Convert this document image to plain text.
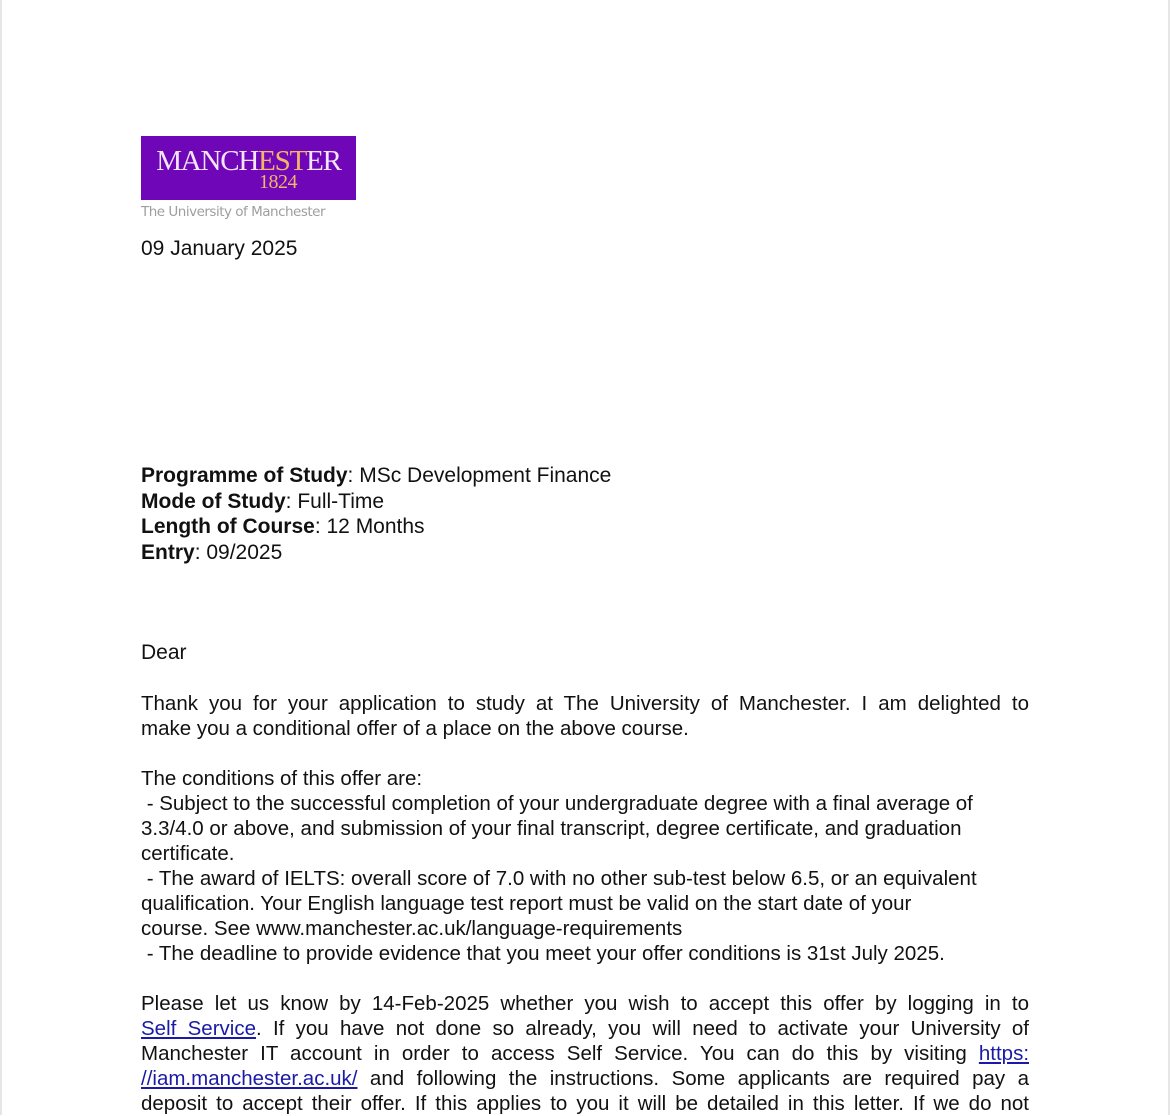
MANCHESTER
1824
The University of Manchester
09 January 2025
Programme of Study: MSc Development Finance
Mode of Study: Full-Time
Length of Course: 12 Months
Entry: 09/2025
Dear
Thank you for your application to study at The University of Manchester. I am delighted to
make you a conditional offer of a place on the above course.
The conditions of this offer are:
- Subject to the successful completion of your undergraduate degree with a final average of
3.3/4.0 or above, and submission of your final transcript, degree certificate, and graduation
certificate.
- The award of IELTS: overall score of 7.0 with no other sub-test below 6.5, or an equivalent
qualification. Your English language test report must be valid on the start date of your
course. See www.manchester.ac.uk/language-requirements
- The deadline to provide evidence that you meet your offer conditions is 31st July 2025.
Please let us know by 14-Feb-2025 whether you wish to accept this offer by logging in to
Self Service. If you have not done so already, you will need to activate your University of
Manchester IT account in order to access Self Service. You can do this by visiting https:
//iam.manchester.ac.uk/ and following the instructions. Some applicants are required pay a
deposit to accept their offer. If this applies to you it will be detailed in this letter. If we do not
